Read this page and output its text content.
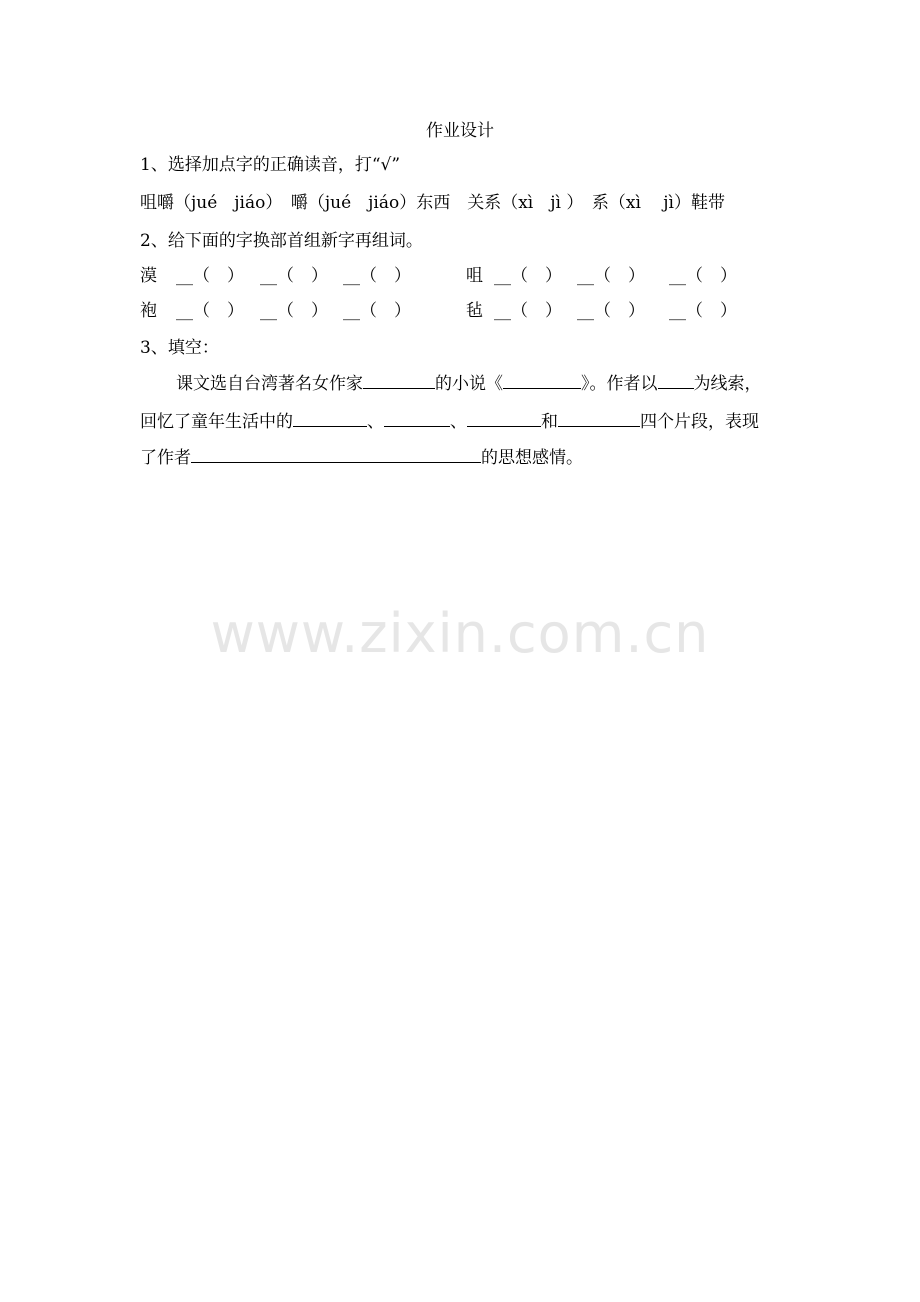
作业设计
1、选择加点字的正确读音，打“√”
咀嚼（jué　jiáo）　嚼（jué　jiáo）东西　关系（xì　jì ）　系（xì　 jì）鞋带
2、给下面的字换部首组新字再组词。
漠 __（　） __（　） __（　）	咀 __（　） __（　） __（　）
袍 __（　） __（　） __（　）	毡 __（　） __（　） __（　）
3、填空：
课文选自台湾著名女作家	的小说《	》。作者以 为线索，
回忆了童年生活中的	、	、	和	四个片段，表现
了作者	的思想感情。
www.zixin.com.cn
